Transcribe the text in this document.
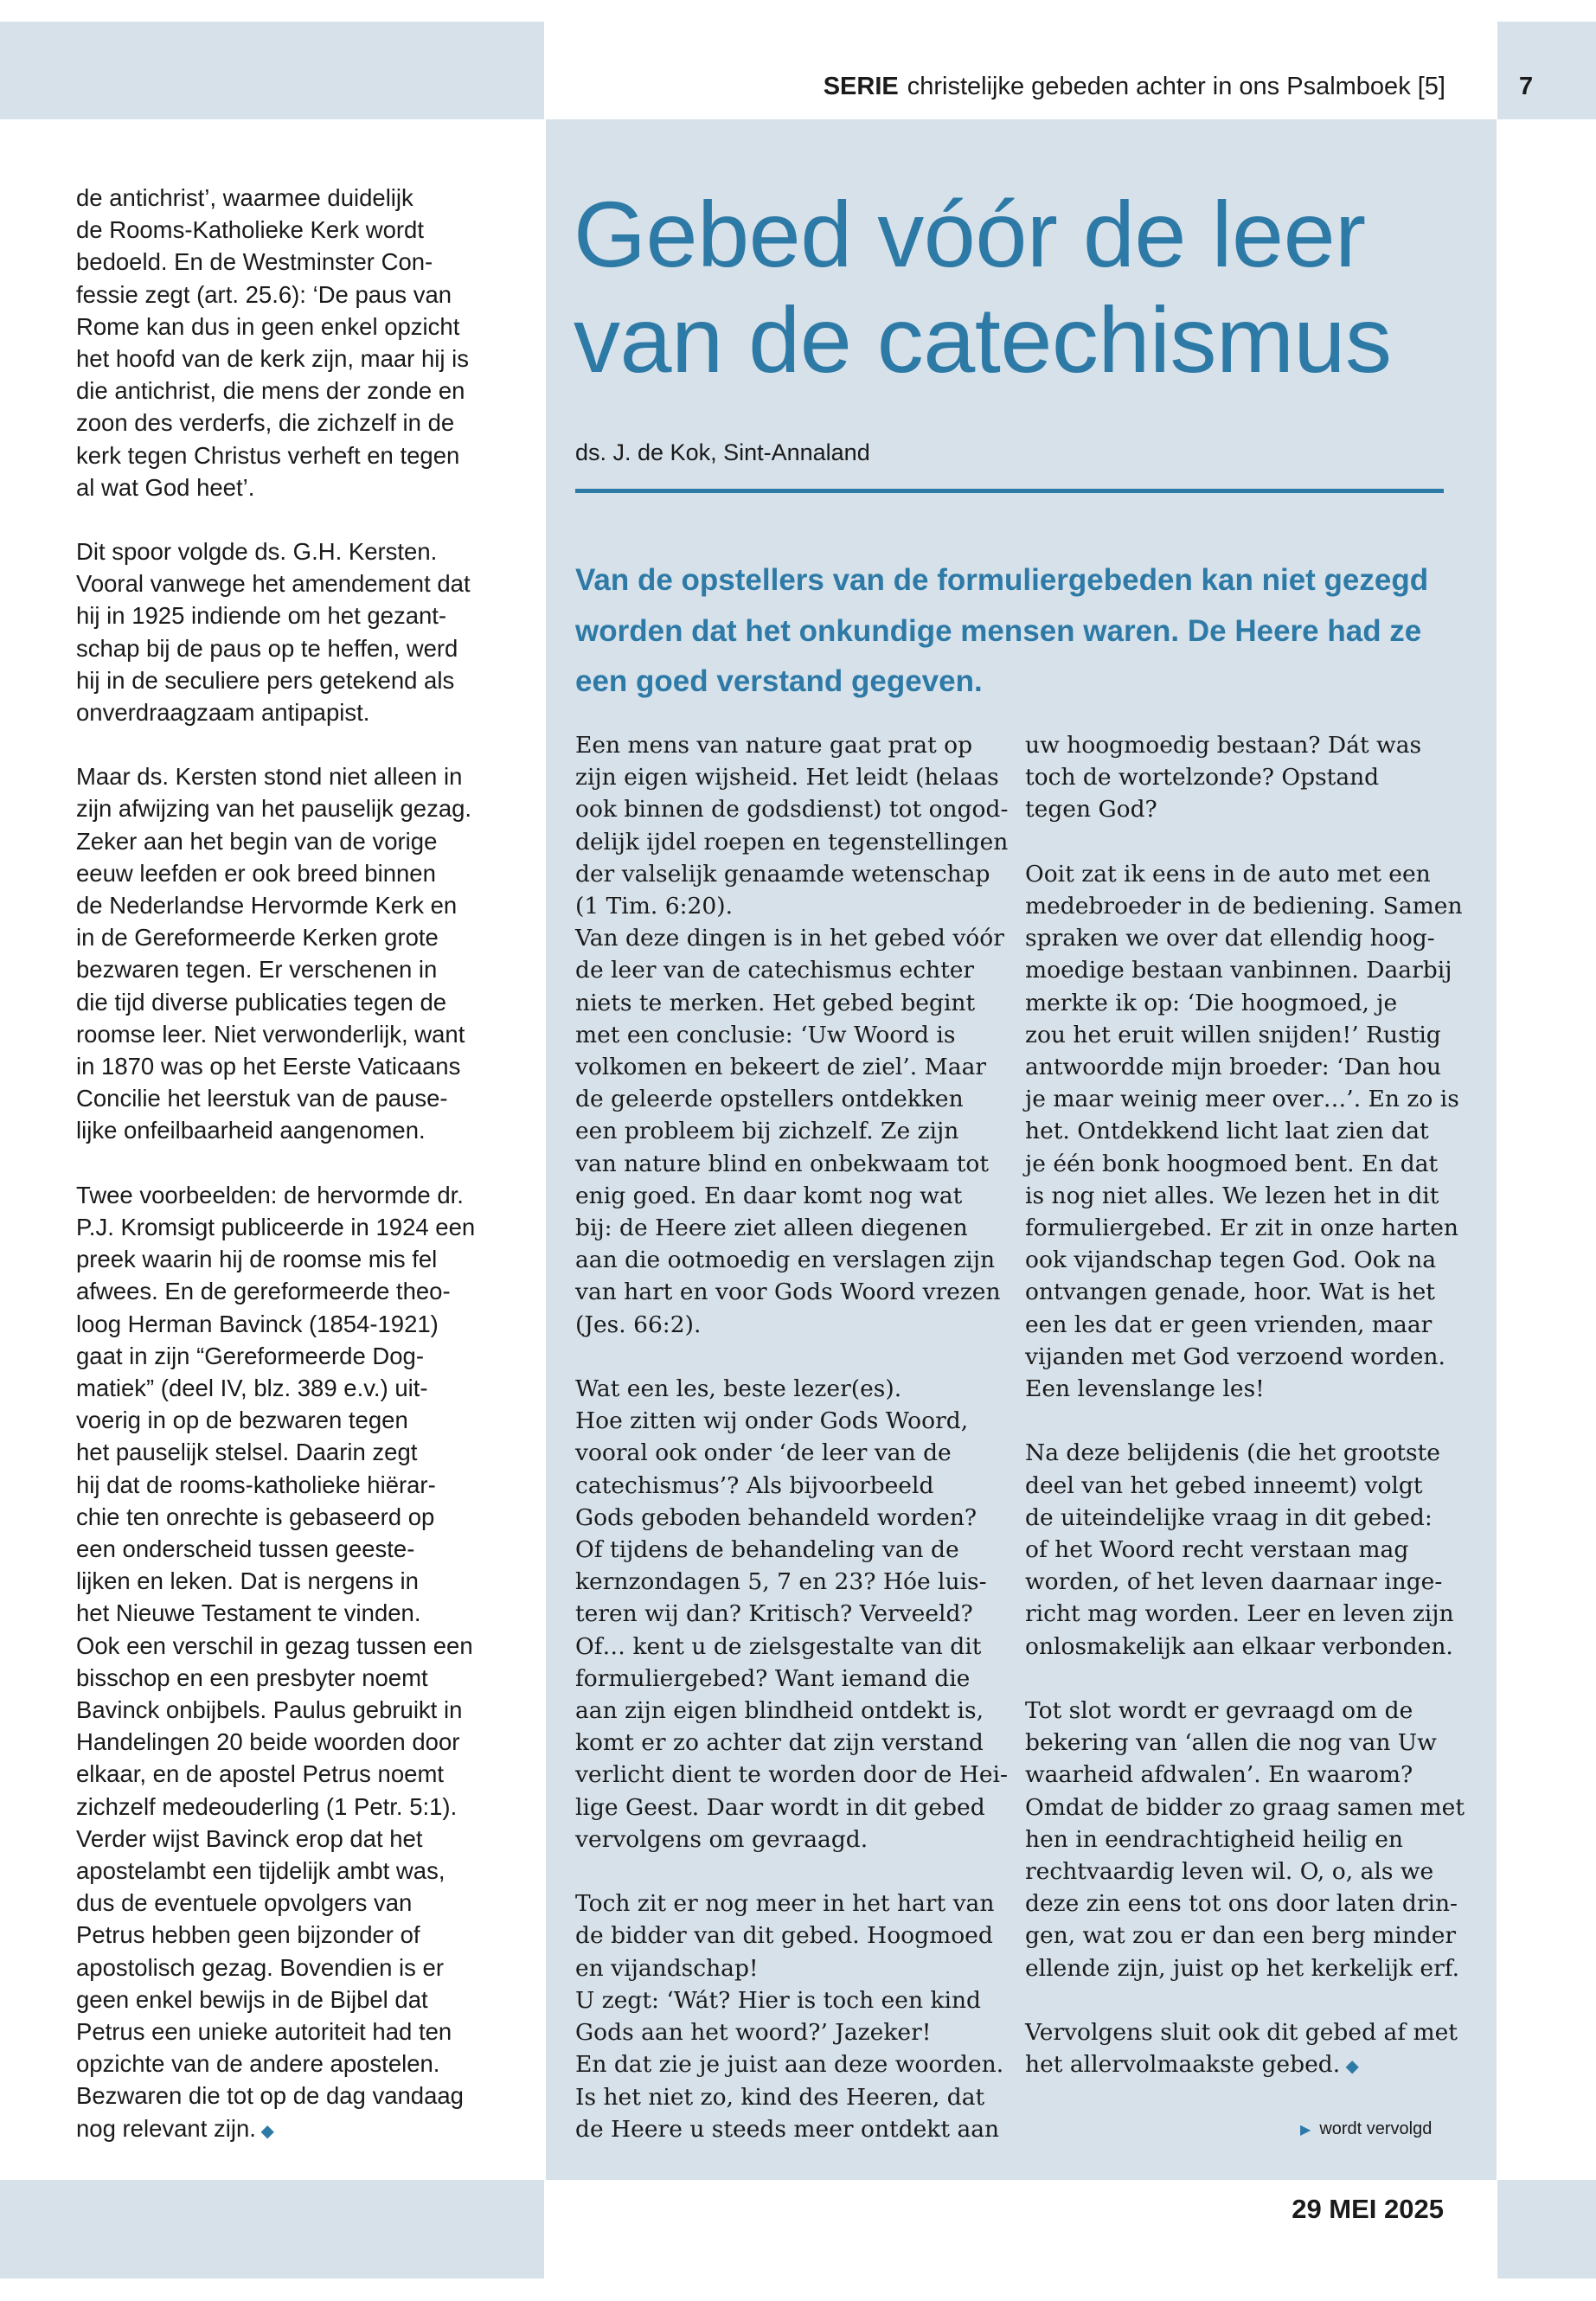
SERIE christelijke gebeden achter in ons Psalmboek [5]	7
de antichrist’, waarmee duidelijk
de Rooms-Katholieke Kerk wordt
bedoeld. En de Westminster Con-
fessie zegt (art. 25.6): ‘De paus van
Rome kan dus in geen enkel opzicht
het hoofd van de kerk zijn, maar hij is
die antichrist, die mens der zonde en
zoon des verderfs, die zichzelf in de
kerk tegen Christus verheft en tegen
al wat God heet’.
Dit spoor volgde ds. G.H. Kersten.
Vooral vanwege het amendement dat
hij in 1925 indiende om het gezant-
schap bij de paus op te heffen, werd
hij in de seculiere pers getekend als
onverdraagzaam antipapist.
Maar ds. Kersten stond niet alleen in
zijn afwijzing van het pauselijk gezag.
Zeker aan het begin van de vorige
eeuw leefden er ook breed binnen
de Nederlandse Hervormde Kerk en
in de Gereformeerde Kerken grote
bezwaren tegen. Er verschenen in
die tijd diverse publicaties tegen de
roomse leer. Niet verwonderlijk, want
in 1870 was op het Eerste Vaticaans
Concilie het leerstuk van de pause-
lijke onfeilbaarheid aangenomen.
Twee voorbeelden: de hervormde dr.
P.J. Kromsigt publiceerde in 1924 een
preek waarin hij de roomse mis fel
afwees. En de gereformeerde theo-
loog Herman Bavinck (1854-1921)
gaat in zijn “Gereformeerde Dog-
matiek” (deel IV, blz. 389 e.v.) uit-
voerig in op de bezwaren tegen
het pauselijk stelsel. Daarin zegt
hij dat de rooms-katholieke hiërar-
chie ten onrechte is gebaseerd op
een onderscheid tussen geeste-
lijken en leken. Dat is nergens in
het Nieuwe Testament te vinden.
Ook een verschil in gezag tussen een
bisschop en een presbyter noemt
Bavinck onbijbels. Paulus gebruikt in
Handelingen 20 beide woorden door
elkaar, en de apostel Petrus noemt
zichzelf medeouderling (1 Petr. 5:1).
Verder wijst Bavinck erop dat het
apostelambt een tijdelijk ambt was,
dus de eventuele opvolgers van
Petrus hebben geen bijzonder of
apostolisch gezag. Bovendien is er
geen enkel bewijs in de Bijbel dat
Petrus een unieke autoriteit had ten
opzichte van de andere apostelen.
Bezwaren die tot op de dag vandaag
nog relevant zijn. ◆
Gebed vóór de leer
van de catechismus
ds. J. de Kok, Sint-Annaland
Van de opstellers van de formuliergebeden kan niet gezegd
worden dat het onkundige mensen waren. De Heere had ze
een goed verstand gegeven.
Een mens van nature gaat prat op
zijn eigen wijsheid. Het leidt (helaas
ook binnen de godsdienst) tot ongod-
delijk ijdel roepen en tegenstellingen
der valselijk genaamde wetenschap
(1 Tim. 6:20).
Van deze dingen is in het gebed vóór
de leer van de catechismus echter
niets te merken. Het gebed begint
met een conclusie: ‘Uw Woord is
volkomen en bekeert de ziel’. Maar
de geleerde opstellers ontdekken
een probleem bij zichzelf. Ze zijn
van nature blind en onbekwaam tot
enig goed. En daar komt nog wat
bij: de Heere ziet alleen diegenen
aan die ootmoedig en verslagen zijn
van hart en voor Gods Woord vrezen
(Jes. 66:2).
Wat een les, beste lezer(es).
Hoe zitten wij onder Gods Woord,
vooral ook onder ‘de leer van de
catechismus’? Als bijvoorbeeld
Gods geboden behandeld worden?
Of tijdens de behandeling van de
kernzondagen 5, 7 en 23? Hóe luis-
teren wij dan? Kritisch? Verveeld?
Of… kent u de zielsgestalte van dit
formuliergebed? Want iemand die
aan zijn eigen blindheid ontdekt is,
komt er zo achter dat zijn verstand
verlicht dient te worden door de Hei-
lige Geest. Daar wordt in dit gebed
vervolgens om gevraagd.
Toch zit er nog meer in het hart van
de bidder van dit gebed. Hoogmoed
en vijandschap!
U zegt: ‘Wát? Hier is toch een kind
Gods aan het woord?’ Jazeker!
En dat zie je juist aan deze woorden.
Is het niet zo, kind des Heeren, dat
de Heere u steeds meer ontdekt aan
uw hoogmoedig bestaan? Dát was
toch de wortelzonde? Opstand
tegen God?
Ooit zat ik eens in de auto met een
medebroeder in de bediening. Samen
spraken we over dat ellendig hoog-
moedige bestaan vanbinnen. Daarbij
merkte ik op: ‘Die hoogmoed, je
zou het eruit willen snijden!’ Rustig
antwoordde mijn broeder: ‘Dan hou
je maar weinig meer over…’. En zo is
het. Ontdekkend licht laat zien dat
je één bonk hoogmoed bent. En dat
is nog niet alles. We lezen het in dit
formuliergebed. Er zit in onze harten
ook vijandschap tegen God. Ook na
ontvangen genade, hoor. Wat is het
een les dat er geen vrienden, maar
vijanden met God verzoend worden.
Een levenslange les!
Na deze belijdenis (die het grootste
deel van het gebed inneemt) volgt
de uiteindelijke vraag in dit gebed:
of het Woord recht verstaan mag
worden, of het leven daarnaar inge-
richt mag worden. Leer en leven zijn
onlosmakelijk aan elkaar verbonden.
Tot slot wordt er gevraagd om de
bekering van ‘allen die nog van Uw
waarheid afdwalen’. En waarom?
Omdat de bidder zo graag samen met
hen in eendrachtigheid heilig en
rechtvaardig leven wil. O, o, als we
deze zin eens tot ons door laten drin-
gen, wat zou er dan een berg minder
ellende zijn, juist op het kerkelijk erf.
Vervolgens sluit ook dit gebed af met
het allervolmaakste gebed. ◆
▶ wordt vervolgd
29 MEI 2025
